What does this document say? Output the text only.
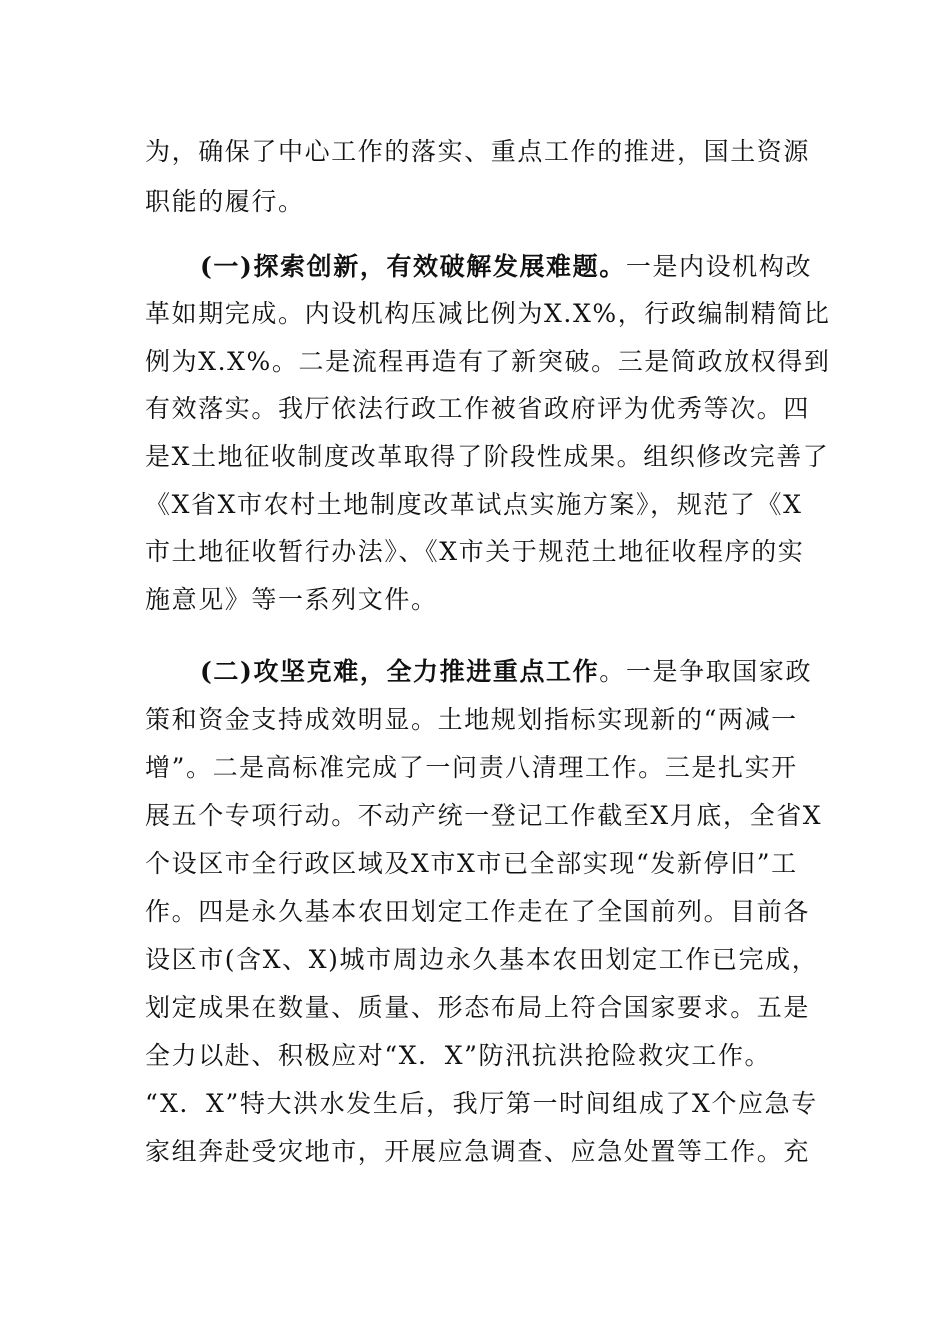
为，确保了中心工作的落实、重点工作的推进，国土资源
职能的履行。
(一)探索创新，有效破解发展难题。一是内设机构改
革如期完成。内设机构压减比例为X.X%，行政编制精简比
例为X.X%。二是流程再造有了新突破。三是简政放权得到
有效落实。我厅依法行政工作被省政府评为优秀等次。四
是X土地征收制度改革取得了阶段性成果。组织修改完善了
《X省X市农村土地制度改革试点实施方案》，规范了《X
市土地征收暂行办法》、《X市关于规范土地征收程序的实
施意见》等一系列文件。
(二)攻坚克难，全力推进重点工作。一是争取国家政
策和资金支持成效明显。土地规划指标实现新的“两减一
增”。二是高标准完成了一问责八清理工作。三是扎实开
展五个专项行动。不动产统一登记工作截至X月底，全省X
个设区市全行政区域及X市X市已全部实现“发新停旧”工
作。四是永久基本农田划定工作走在了全国前列。目前各
设区市(含X、X)城市周边永久基本农田划定工作已完成，
划定成果在数量、质量、形态布局上符合国家要求。五是
全力以赴、积极应对“X．X”防汛抗洪抢险救灾工作。
“X．X”特大洪水发生后，我厅第一时间组成了X个应急专
家组奔赴受灾地市，开展应急调查、应急处置等工作。充
